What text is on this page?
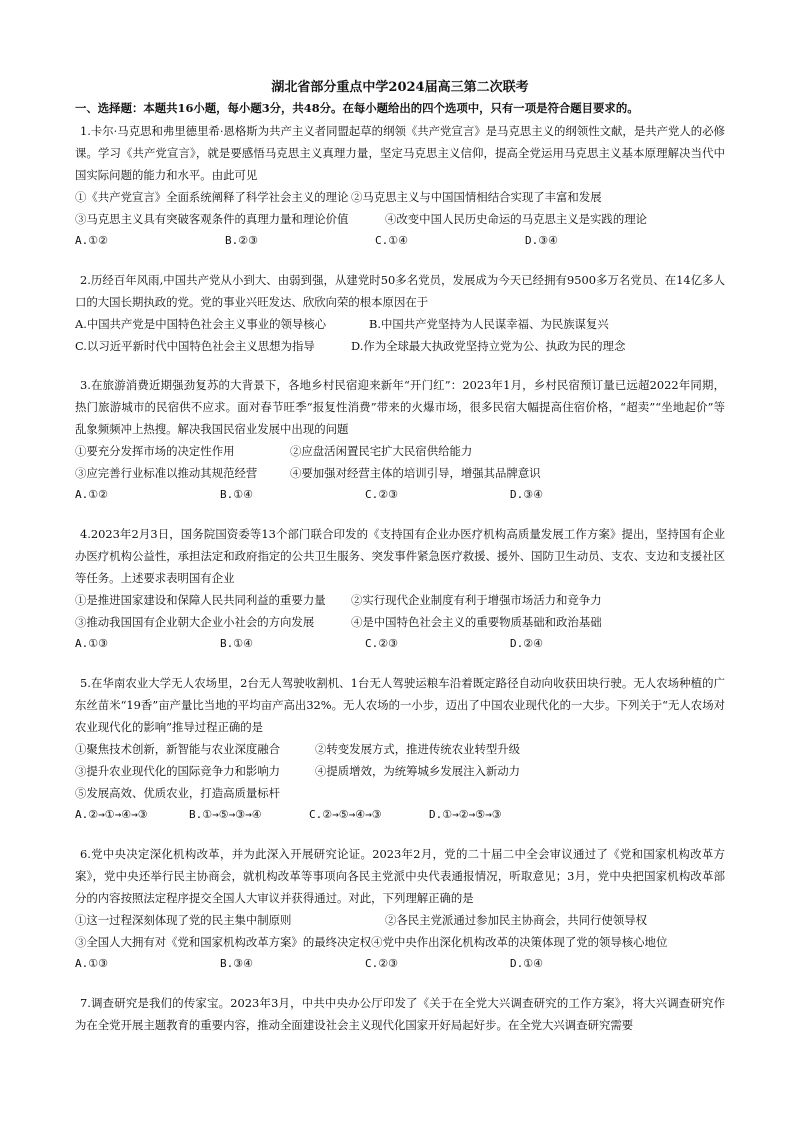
湖北省部分重点中学2024届高三第二次联考

一、选择题：本题共16小题，每小题3分，共48分。在每小题给出的四个选项中，只有一项是符合题目要求的。

1.卡尔·马克思和弗里德里希·恩格斯为共产主义者同盟起草的纲领《共产党宣言》是马克思主义的纲领性文献，是共产党人的必修课。学习《共产党宣言》，就是要感悟马克思主义真理力量，坚定马克思主义信仰，提高全党运用马克思主义基本原理解决当代中国实际问题的能力和水平。由此可见

①《共产党宣言》全面系统阐释了科学社会主义的理论 ②马克思主义与中国国情相结合实现了丰富和发展
③马克思主义具有突破客观条件的真理力量和理论价值	④改变中国人民历史命运的马克思主义是实践的理论
A.①②	B.②③	C.①④	D.③④

2.历经百年风雨,中国共产党从小到大、由弱到强，从建党时50多名党员，发展成为今天已经拥有9500多万名党员、在14亿多人口的大国长期执政的党。党的事业兴旺发达、欣欣向荣的根本原因在于

A.中国共产党是中国特色社会主义事业的领导核心	B.中国共产党坚持为人民谋幸福、为民族谋复兴
C.以习近平新时代中国特色社会主义思想为指导	D.作为全球最大执政党坚持立党为公、执政为民的理念

3.在旅游消费近期强劲复苏的大背景下，各地乡村民宿迎来新年“开门红”：2023年1月，乡村民宿预订量已远超2022年同期，热门旅游城市的民宿供不应求。面对春节旺季“报复性消费”带来的火爆市场，很多民宿大幅提高住宿价格，“超卖”“坐地起价”等乱象频频冲上热搜。解决我国民宿业发展中出现的问题

①要充分发挥市场的决定性作用	②应盘活闲置民宅扩大民宿供给能力
③应完善行业标准以推动其规范经营	④要加强对经营主体的培训引导，增强其品牌意识
A.①②	B.①④	C.②③	D.③④

4.2023年2月3日，国务院国资委等13个部门联合印发的《支持国有企业办医疗机构高质量发展工作方案》提出，坚持国有企业办医疗机构公益性，承担法定和政府指定的公共卫生服务、突发事件紧急医疗救援、援外、国防卫生动员、支农、支边和支援社区等任务。上述要求表明国有企业

①是推进国家建设和保障人民共同利益的重要力量	②实行现代企业制度有利于增强市场活力和竞争力
③推动我国国有企业朝大企业小社会的方向发展	④是中国特色社会主义的重要物质基础和政治基础
A.①③	B.①④	C.②③	D.②④

5.在华南农业大学无人农场里，2台无人驾驶收割机、1台无人驾驶运粮车沿着既定路径自动向收获田块行驶。无人农场种植的广东丝苗米“19香”亩产量比当地的平均亩产高出32%。无人农场的一小步，迈出了中国农业现代化的一大步。下列关于“无人农场对农业现代化的影响”推导过程正确的是

①聚焦技术创新，新智能与农业深度融合	②转变发展方式，推进传统农业转型升级
③提升农业现代化的国际竞争力和影响力	④提质增效，为统筹城乡发展注入新动力
⑤发展高效、优质农业，打造高质量标杆
A.②→①→④→③	B.①→⑤→③→④	C.②→⑤→④→③	D.①→②→⑤→③

6.党中央决定深化机构改革，并为此深入开展研究论证。2023年2月，党的二十届二中全会审议通过了《党和国家机构改革方案》，党中央还举行民主协商会，就机构改革等事项向各民主党派中央代表通报情况，听取意见；3月，党中央把国家机构改革部分的内容按照法定程序提交全国人大审议并获得通过。对此，下列理解正确的是

①这一过程深刻体现了党的民主集中制原则	②各民主党派通过参加民主协商会，共同行使领导权
③全国人大拥有对《党和国家机构改革方案》的最终决定权 ④党中央作出深化机构改革的决策体现了党的领导核心地位
A.①③	B.③④	C.②③	D.①④

7.调查研究是我们的传家宝。2023年3月，中共中央办公厅印发了《关于在全党大兴调查研究的工作方案》，将大兴调查研究作为在全党开展主题教育的重要内容，推动全面建设社会主义现代化国家开好局起好步。在全党大兴调查研究需要
